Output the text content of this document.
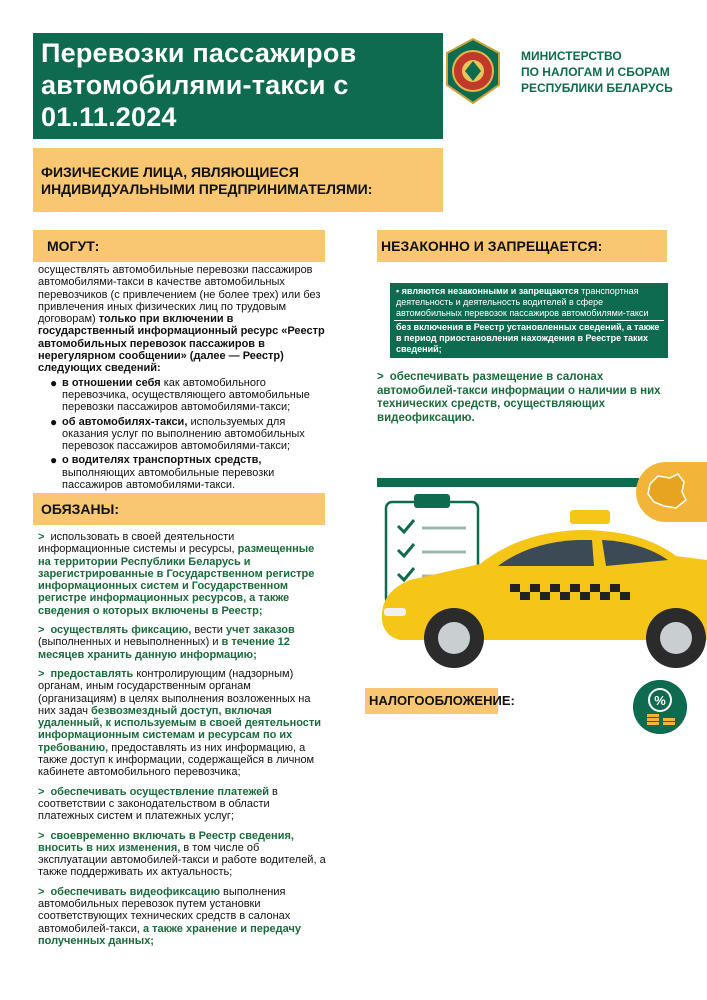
Перевозки пассажиров
автомобилями-такси с
01.11.2024
МИНИСТЕРСТВО
ПО НАЛОГАМ И СБОРАМ
РЕСПУБЛИКИ БЕЛАРУСЬ
ФИЗИЧЕСКИЕ ЛИЦА, ЯВЛЯЮЩИЕСЯ
ИНДИВИДУАЛЬНЫМИ ПРЕДПРИНИМАТЕЛЯМИ:
МОГУТ:
осуществлять автомобильные перевозки пассажиров автомобилями-такси в качестве автомобильных перевозчиков (с привлечением (не более трех) или без привлечения иных физических лиц по трудовым договорам) только при включении в государственный информационный ресурс «Реестр автомобильных перевозок пассажиров в нерегулярном сообщении» (далее — Реестр) следующих сведений:
● в отношении себя как автомобильного перевозчика, осуществляющего автомобильные перевозки пассажиров автомобилями-такси;
● об автомобилях-такси, используемых для оказания услуг по выполнению автомобильных перевозок пассажиров автомобилями-такси;
● о водителях транспортных средств, выполняющих автомобильные перевозки пассажиров автомобилями-такси.
НЕЗАКОННО И ЗАПРЕЩАЕТСЯ:
• являются незаконными и запрещаются транспортная деятельность и деятельность водителей в сфере автомобильных перевозок пассажиров автомобилями-такси
без включения в Реестр установленных сведений, а также в период приостановления нахождения в Реестре таких сведений;
> обеспечивать размещение в салонах автомобилей-такси информации о наличии в них технических средств, осуществляющих видеофиксацию.
ОБЯЗАНЫ:
> использовать в своей деятельности информационные системы и ресурсы, размещенные на территории Республики Беларусь и зарегистрированные в Государственном регистре информационных систем и Государственном регистре информационных ресурсов, а также сведения о которых включены в Реестр;
> осуществлять фиксацию, вести учет заказов (выполненных и невыполненных) и в течение 12 месяцев хранить данную информацию;
> предоставлять контролирующим (надзорным) органам, иным государственным органам (организациям) в целях выполнения возложенных на них задач безвозмездный доступ, включая удаленный, к используемым в своей деятельности информационным системам и ресурсам по их требованию, предоставлять из них информацию, а также доступ к информации, содержащейся в личном кабинете автомобильного перевозчика;
> обеспечивать осуществление платежей в соответствии с законодательством в области платежных систем и платежных услуг;
> своевременно включать в Реестр сведения, вносить в них изменения, в том числе об эксплуатации автомобилей-такси и работе водителей, а также поддерживать их актуальность;
> обеспечивать видеофиксацию выполнения автомобильных перевозок путем установки соответствующих технических средств в салонах автомобилей-такси, а также хранение и передачу полученных данных;
НАЛОГООБЛОЖЕНИЕ:	%
